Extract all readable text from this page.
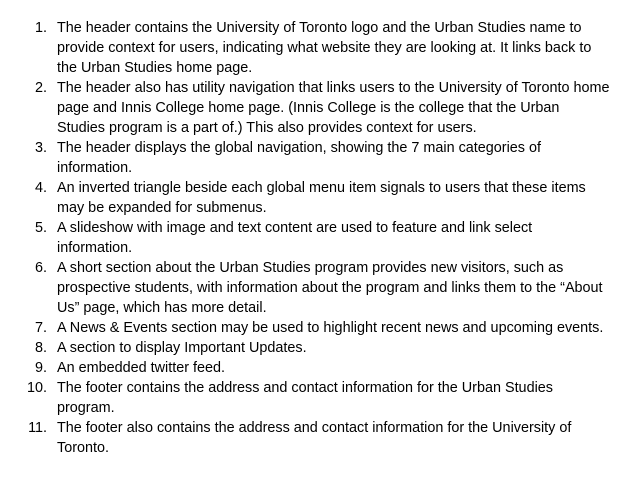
1. The header contains the University of Toronto logo and the Urban Studies name to provide context for users, indicating what website they are looking at. It links back to the Urban Studies home page.
2. The header also has utility navigation that links users to the University of Toronto home page and Innis College home page. (Innis College is the college that the Urban Studies program is a part of.) This also provides context for users.
3. The header displays the global navigation, showing the 7 main categories of information.
4. An inverted triangle beside each global menu item signals to users that these items may be expanded for submenus.
5. A slideshow with image and text content are used to feature and link select information.
6. A short section about the Urban Studies program provides new visitors, such as prospective students, with information about the program and links them to the “About Us” page, which has more detail.
7. A News & Events section may be used to highlight recent news and upcoming events.
8. A section to display Important Updates.
9. An embedded twitter feed.
10. The footer contains the address and contact information for the Urban Studies program.
11. The footer also contains the address and contact information for the University of Toronto.
